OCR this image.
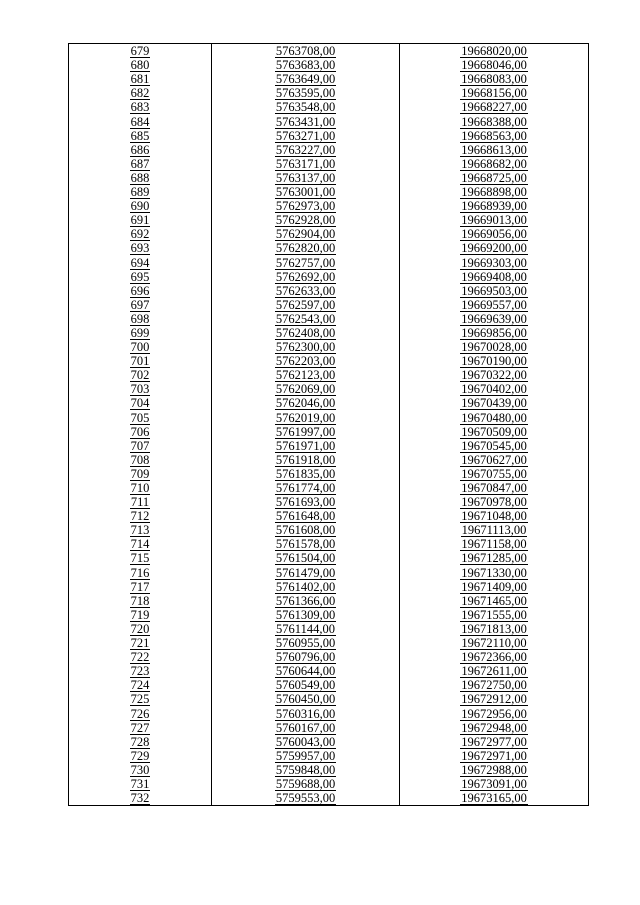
679	5763708,00	19668020,00
680	5763683,00	19668046,00
681	5763649,00	19668083,00
682	5763595,00	19668156,00
683	5763548,00	19668227,00
684	5763431,00	19668388,00
685	5763271,00	19668563,00
686	5763227,00	19668613,00
687	5763171,00	19668682,00
688	5763137,00	19668725,00
689	5763001,00	19668898,00
690	5762973,00	19668939,00
691	5762928,00	19669013,00
692	5762904,00	19669056,00
693	5762820,00	19669200,00
694	5762757,00	19669303,00
695	5762692,00	19669408,00
696	5762633,00	19669503,00
697	5762597,00	19669557,00
698	5762543,00	19669639,00
699	5762408,00	19669856,00
700	5762300,00	19670028,00
701	5762203,00	19670190,00
702	5762123,00	19670322,00
703	5762069,00	19670402,00
704	5762046,00	19670439,00
705	5762019,00	19670480,00
706	5761997,00	19670509,00
707	5761971,00	19670545,00
708	5761918,00	19670627,00
709	5761835,00	19670755,00
710	5761774,00	19670847,00
711	5761693,00	19670978,00
712	5761648,00	19671048,00
713	5761608,00	19671113,00
714	5761578,00	19671158,00
715	5761504,00	19671285,00
716	5761479,00	19671330,00
717	5761402,00	19671409,00
718	5761366,00	19671465,00
719	5761309,00	19671555,00
720	5761144,00	19671813,00
721	5760955,00	19672110,00
722	5760796,00	19672366,00
723	5760644,00	19672611,00
724	5760549,00	19672750,00
725	5760450,00	19672912,00
726	5760316,00	19672956,00
727	5760167,00	19672948,00
728	5760043,00	19672977,00
729	5759957,00	19672971,00
730	5759848,00	19672988,00
731	5759688,00	19673091,00
732	5759553,00	19673165,00
